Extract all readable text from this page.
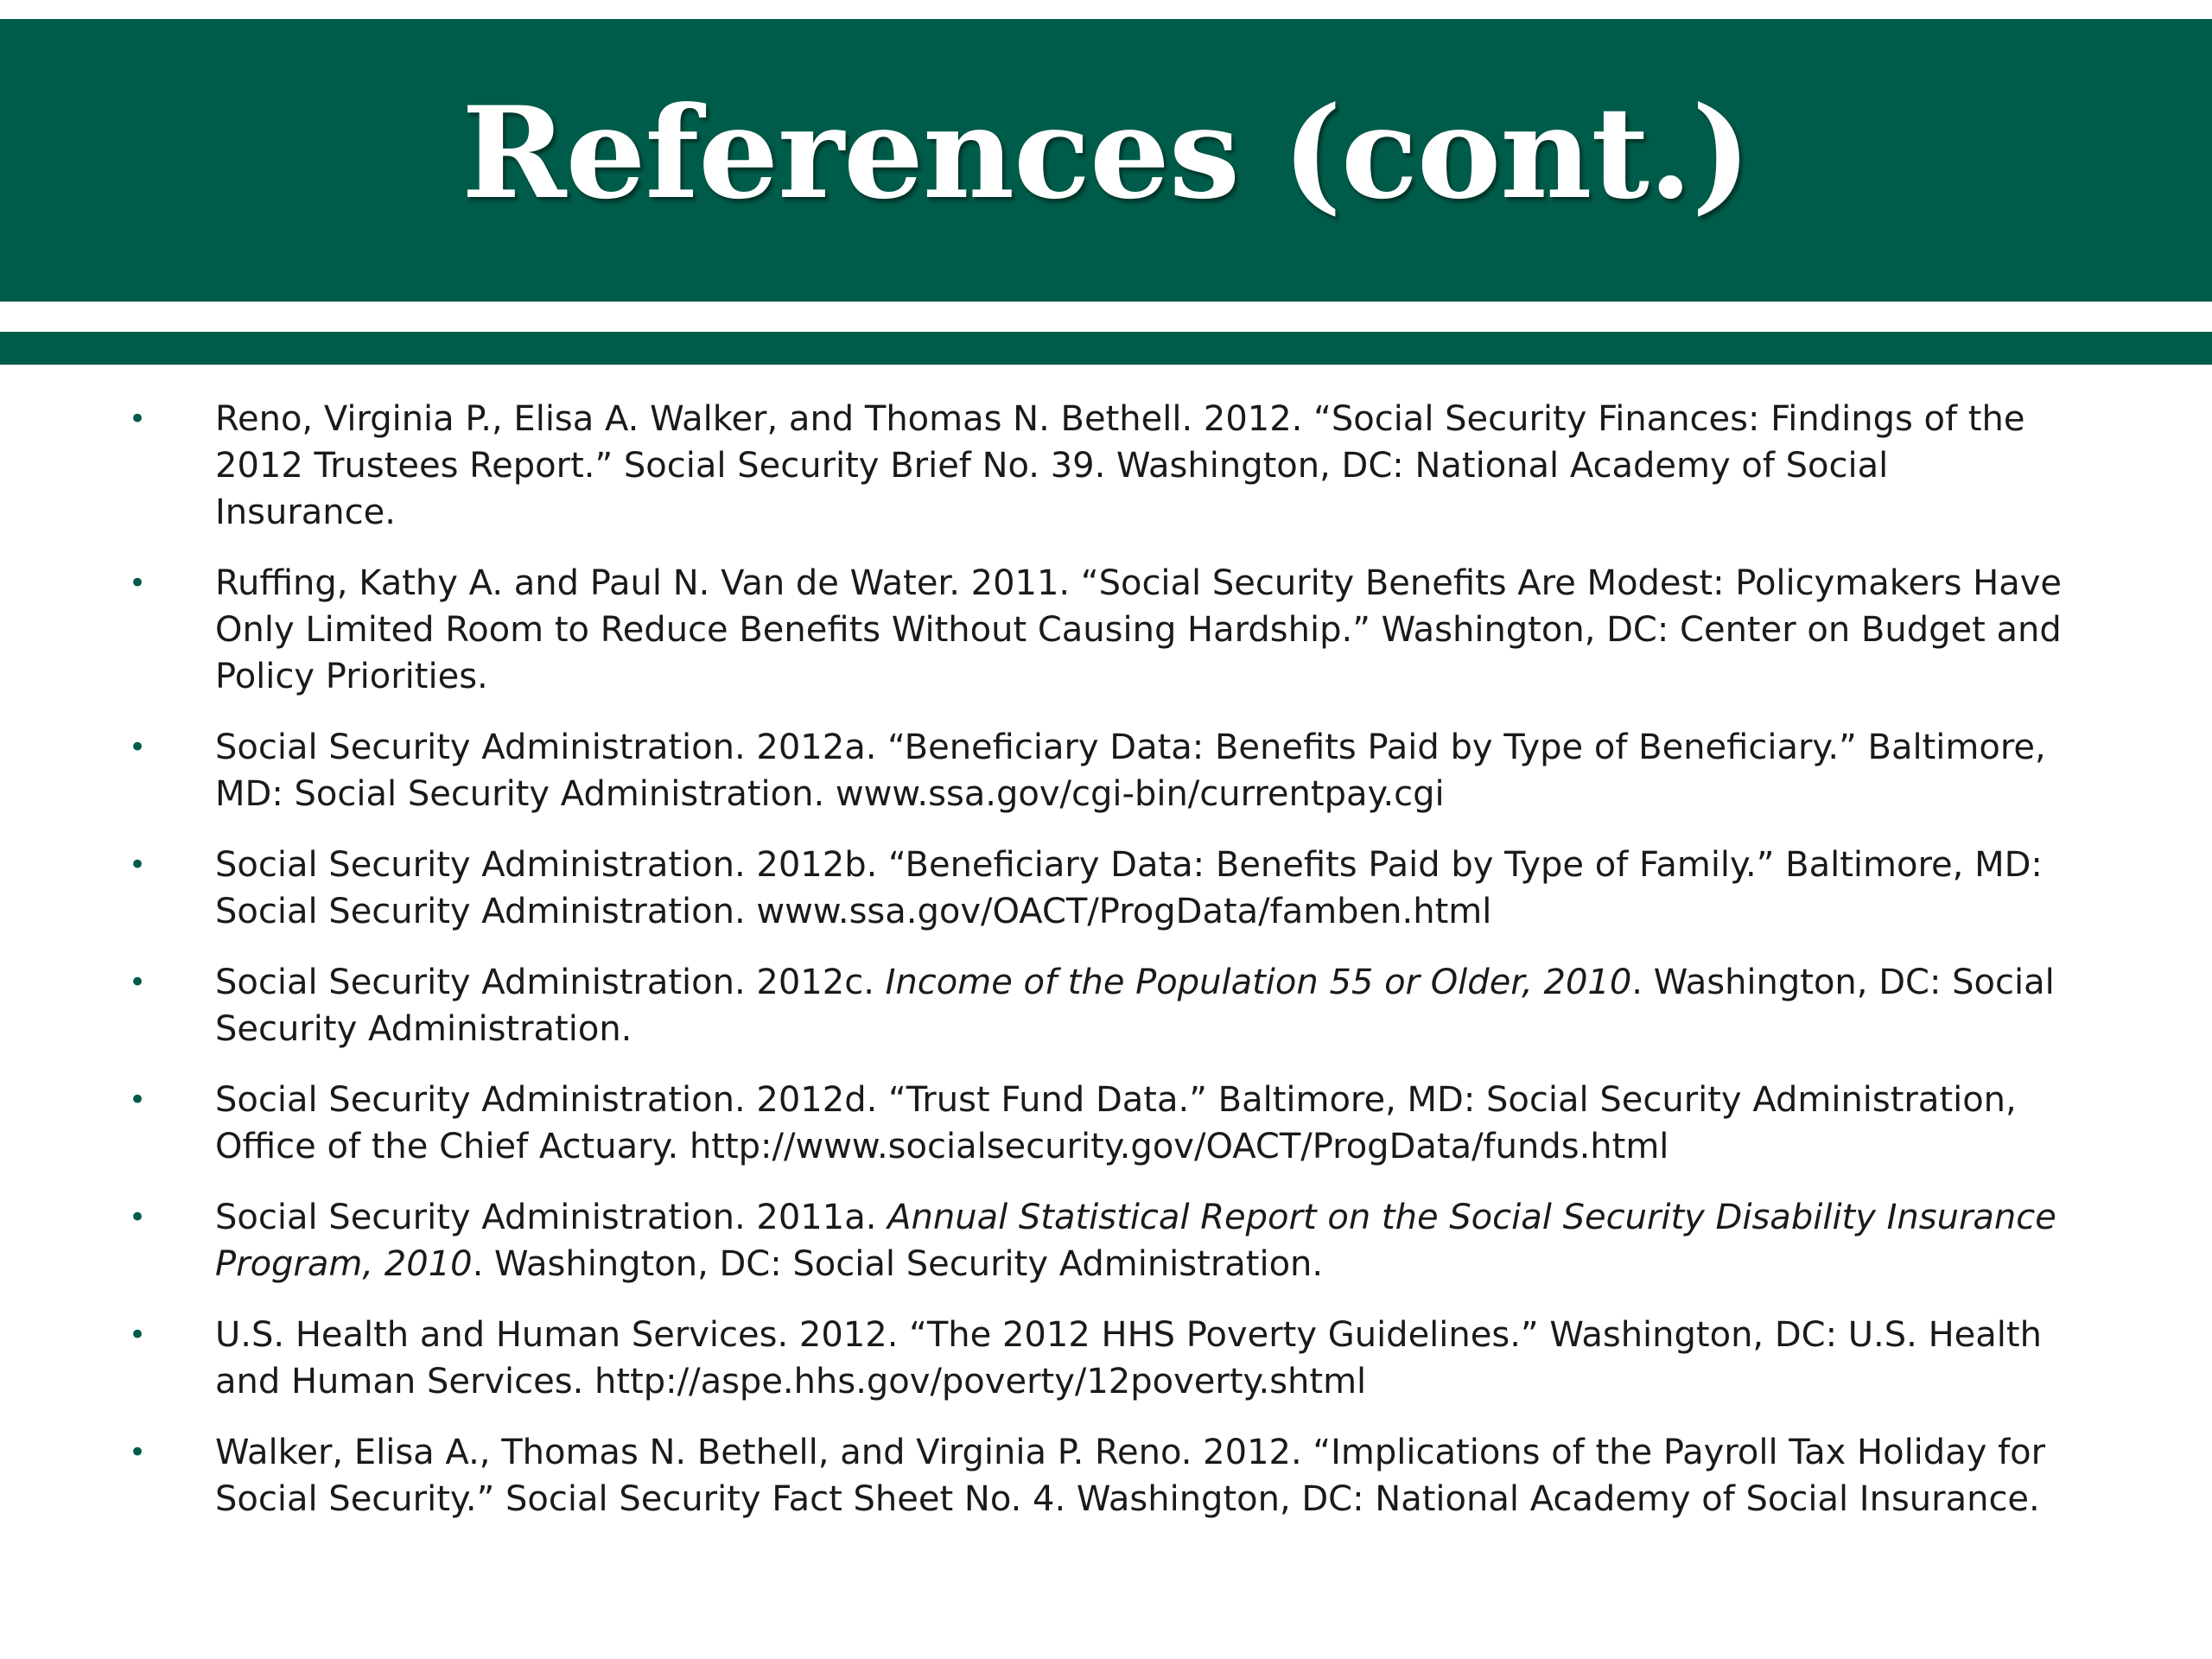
References (cont.)
• Reno, Virginia P., Elisa A. Walker, and Thomas N. Bethell. 2012. “Social Security Finances: Findings of the 2012 Trustees Report.” Social Security Brief No. 39. Washington, DC: National Academy of Social Insurance.
• Ruffing, Kathy A. and Paul N. Van de Water. 2011. “Social Security Benefits Are Modest: Policymakers Have Only Limited Room to Reduce Benefits Without Causing Hardship.” Washington, DC: Center on Budget and Policy Priorities.
• Social Security Administration. 2012a. “Beneficiary Data: Benefits Paid by Type of Beneficiary.” Baltimore, MD: Social Security Administration. www.ssa.gov/cgi-bin/currentpay.cgi
• Social Security Administration. 2012b. “Beneficiary Data: Benefits Paid by Type of Family.” Baltimore, MD: Social Security Administration. www.ssa.gov/OACT/ProgData/famben.html
• Social Security Administration. 2012c. Income of the Population 55 or Older, 2010. Washington, DC: Social Security Administration.
• Social Security Administration. 2012d. “Trust Fund Data.” Baltimore, MD: Social Security Administration, Office of the Chief Actuary. http://www.socialsecurity.gov/OACT/ProgData/funds.html
• Social Security Administration. 2011a. Annual Statistical Report on the Social Security Disability Insurance Program, 2010. Washington, DC: Social Security Administration.
• U.S. Health and Human Services. 2012. “The 2012 HHS Poverty Guidelines.” Washington, DC: U.S. Health and Human Services. http://aspe.hhs.gov/poverty/12poverty.shtml
• Walker, Elisa A., Thomas N. Bethell, and Virginia P. Reno. 2012. “Implications of the Payroll Tax Holiday for Social Security.” Social Security Fact Sheet No. 4. Washington, DC: National Academy of Social Insurance.
